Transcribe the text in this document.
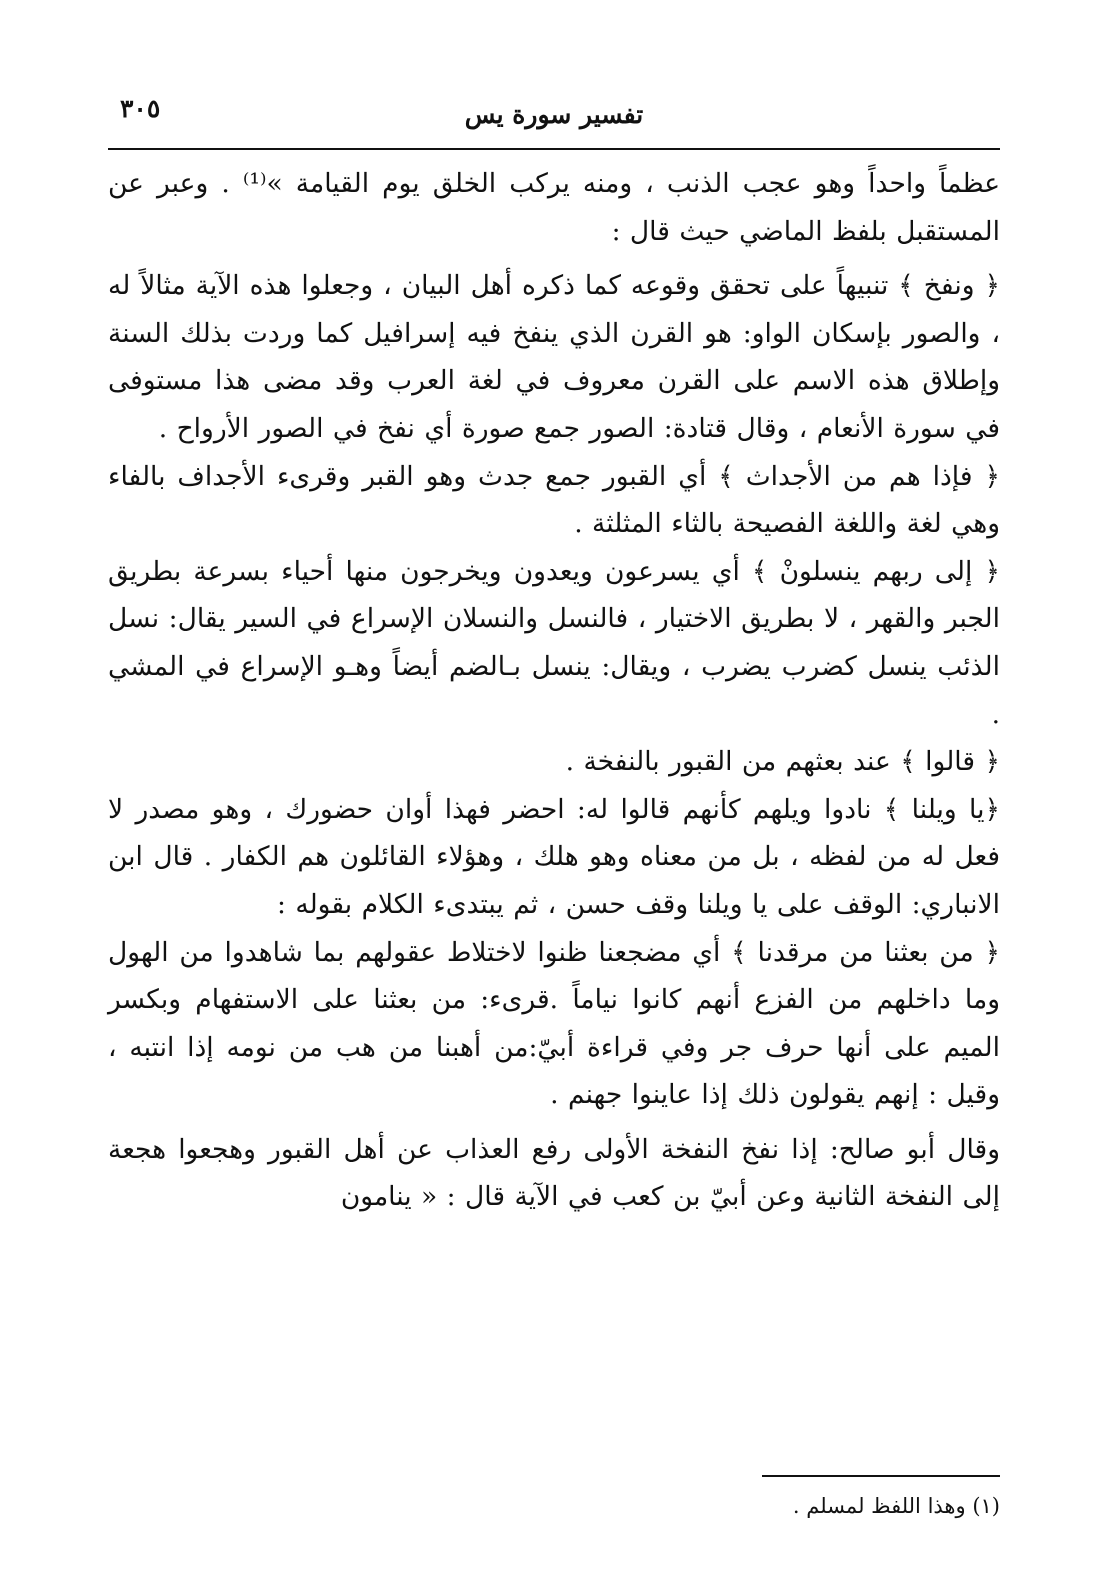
٣٠٥	تفسير سورة يس

عظماً واحداً وهو عجب الذنب ، ومنه يركب الخلق يوم القيامة »⁽¹⁾ . وعبر عن المستقبل بلفظ الماضي حيث قال :

﴿ ونفخ ﴾ تنبيهاً على تحقق وقوعه كما ذكره أهل البيان ، وجعلوا هذه الآية مثالاً له ، والصور بإسكان الواو: هو القرن الذي ينفخ فيه إسرافيل كما وردت بذلك السنة وإطلاق هذه الاسم على القرن معروف في لغة العرب وقد مضى هذا مستوفى في سورة الأنعام ، وقال قتادة: الصور جمع صورة أي نفخ في الصور الأرواح .

﴿ فإذا هم من الأجداث ﴾ أي القبور جمع جدث وهو القبر وقرىء الأجداف بالفاء وهي لغة واللغة الفصيحة بالثاء المثلثة .

﴿ إلى ربهم ينسلونْ ﴾ أي يسرعون ويعدون ويخرجون منها أحياء بسرعة بطريق الجبر والقهر ، لا بطريق الاختيار ، فالنسل والنسلان الإسراع في السير يقال: نسل الذئب ينسل كضرب يضرب ، ويقال: ينسل بـالضم أيضاً وهـو الإسراع في المشي .

﴿ قالوا ﴾ عند بعثهم من القبور بالنفخة .

﴿يا ويلنا ﴾ نادوا ويلهم كأنهم قالوا له: احضر فهذا أوان حضورك ، وهو مصدر لا فعل له من لفظه ، بل من معناه وهو هلك ، وهؤلاء القائلون هم الكفار . قال ابن الانباري: الوقف على يا ويلنا وقف حسن ، ثم يبتدىء الكلام بقوله :

﴿ من بعثنا من مرقدنا ﴾ أي مضجعنا ظنوا لاختلاط عقولهم بما شاهدوا من الهول وما داخلهم من الفزع أنهم كانوا نياماً .قرىء: من بعثنا على الاستفهام وبكسر الميم على أنها حرف جر وفي قراءة أبيّ:من أهبنا من هب من نومه إذا انتبه ، وقيل : إنهم يقولون ذلك إذا عاينوا جهنم .

وقال أبو صالح: إذا نفخ النفخة الأولى رفع العذاب عن أهل القبور وهجعوا هجعة إلى النفخة الثانية وعن أبيّ بن كعب في الآية قال : « ينامون

(١) وهذا اللفظ لمسلم .
